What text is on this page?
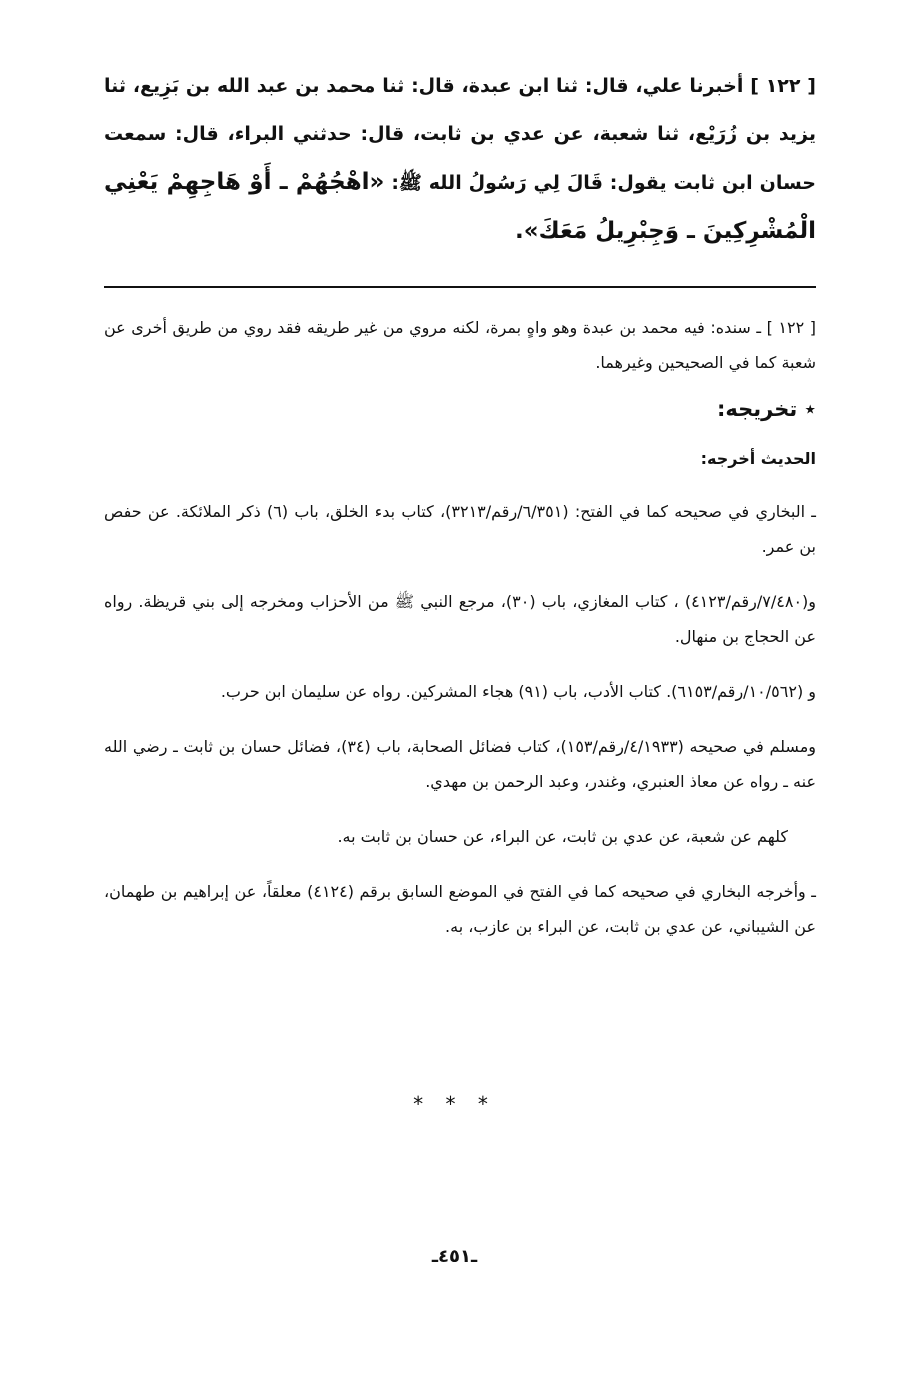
[ ١٢٢ ] أخبرنا علي، قال: ثنا ابن عبدة، قال: ثنا محمد بن عبد الله بن بَزِيع، ثنا يزيد بن زُرَيْع، ثنا شعبة، عن عدي بن ثابت، قال: حدثني البراء، قال: سمعت حسان ابن ثابت يقول: قَالَ لِي رَسُولُ الله ﷺ: «اهْجُهُمْ ـ أَوْ هَاجِهِمْ يَعْنِي الْمُشْرِكِينَ ـ وَجِبْرِيلُ مَعَكَ».

[ ١٢٢ ] ـ سنده: فيه محمد بن عبدة وهو واهٍ بمرة، لكنه مروي من غير طريقه فقد روي من طريق أخرى عن شعبة كما في الصحيحين وغيرهما.

٭ تخريجه:

الحديث أخرجه:

ـ البخاري في صحيحه كما في الفتح: (٦/٣٥١/رقم/٣٢١٣)، كتاب بدء الخلق، باب (٦) ذكر الملائكة. عن حفص بن عمر.

و(٧/٤٨٠/رقم/٤١٢٣) ، كتاب المغازي، باب (٣٠)، مرجع النبي ﷺ من الأحزاب ومخرجه إلى بني قريظة. رواه عن الحجاج بن منهال.

و (١٠/٥٦٢/رقم/٦١٥٣). كتاب الأدب، باب (٩١) هجاء المشركين. رواه عن سليمان ابن حرب.

ومسلم في صحيحه (٤/١٩٣٣/رقم/١٥٣)، كتاب فضائل الصحابة، باب (٣٤)، فضائل حسان بن ثابت ـ رضي الله عنه ـ رواه عن معاذ العنبري، وغندر، وعبد الرحمن بن مهدي.

كلهم عن شعبة، عن عدي بن ثابت، عن البراء، عن حسان بن ثابت به.

ـ وأخرجه البخاري في صحيحه كما في الفتح في الموضع السابق برقم (٤١٢٤) معلقاً، عن إبراهيم بن طهمان، عن الشيباني، عن عدي بن ثابت، عن البراء بن عازب، به.

* * *
ـ٤٥١ـ
